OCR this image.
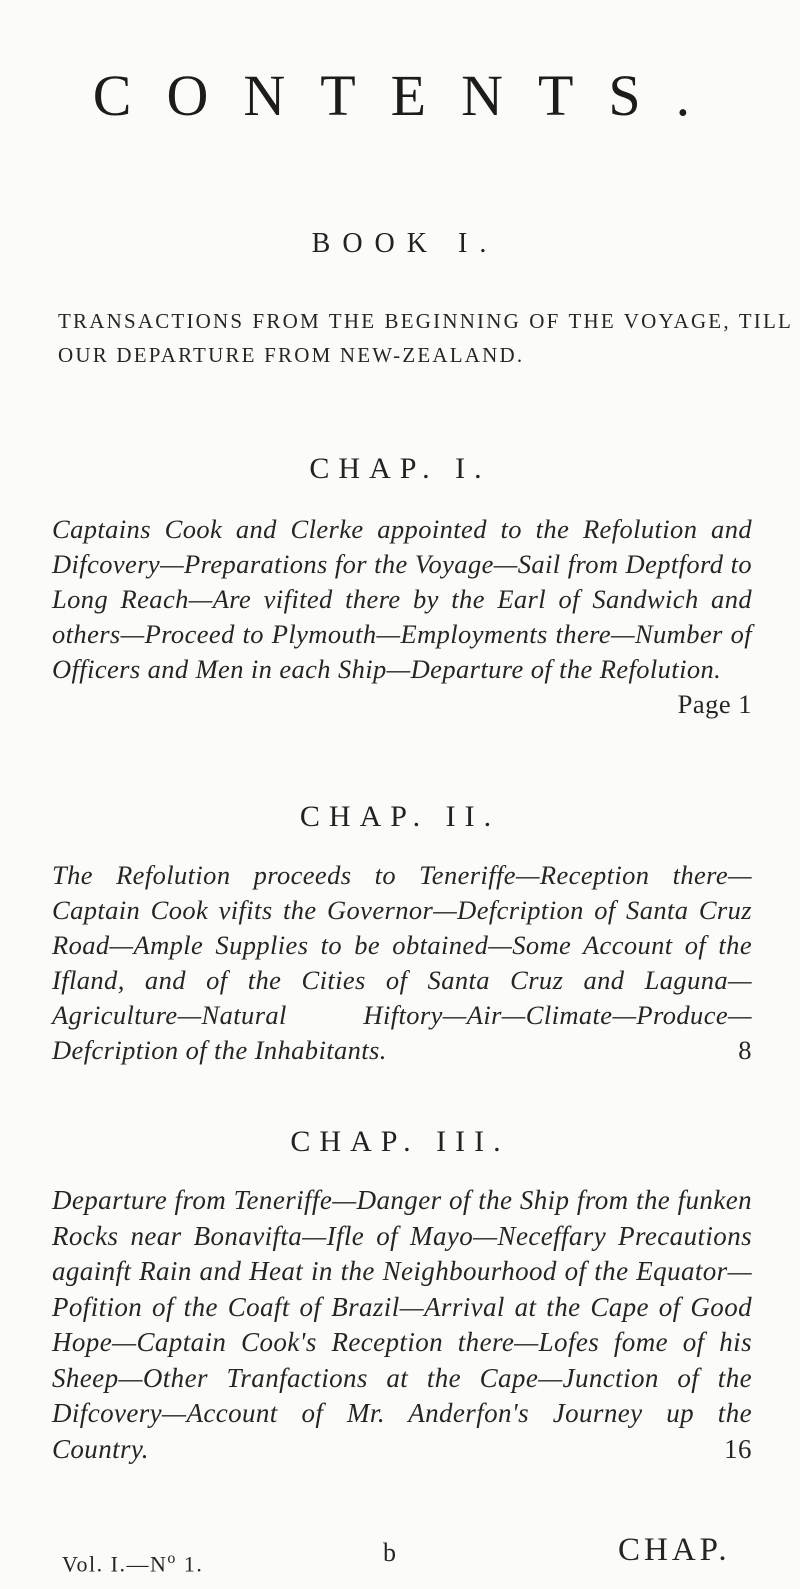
CONTENTS.
BOOK I.
TRANSACTIONS FROM THE BEGINNING OF THE VOYAGE, TILL OUR DEPARTURE FROM NEW-ZEALAND.
CHAP. I.
Captains Cook and Clerke appointed to the Refolution and Difcovery—Preparations for the Voyage—Sail from Deptford to Long Reach—Are vifited there by the Earl of Sandwich and others—Proceed to Plymouth—Employments there—Number of Officers and Men in each Ship—Departure of the Refolution.
Page 1
CHAP. II.
The Refolution proceeds to Teneriffe—Reception there—Captain Cook vifits the Governor—Defcription of Santa Cruz Road—Ample Supplies to be obtained—Some Account of the Ifland, and of the Cities of Santa Cruz and Laguna—Agriculture—Natural Hiftory—Air—Climate—Produce—Defcription of the Inhabitants.	8
CHAP. III.
Departure from Teneriffe—Danger of the Ship from the funken Rocks near Bonavifta—Ifle of Mayo—Neceffary Precautions againft Rain and Heat in the Neighbourhood of the Equator—Pofition of the Coaft of Brazil—Arrival at the Cape of Good Hope—Captain Cook's Reception there—Lofes fome of his Sheep—Other Tranfactions at the Cape—Junction of the Difcovery—Account of Mr. Anderfon's Journey up the Country.	16
Vol. $I.—N^o$ 1.	b	CHAP.
